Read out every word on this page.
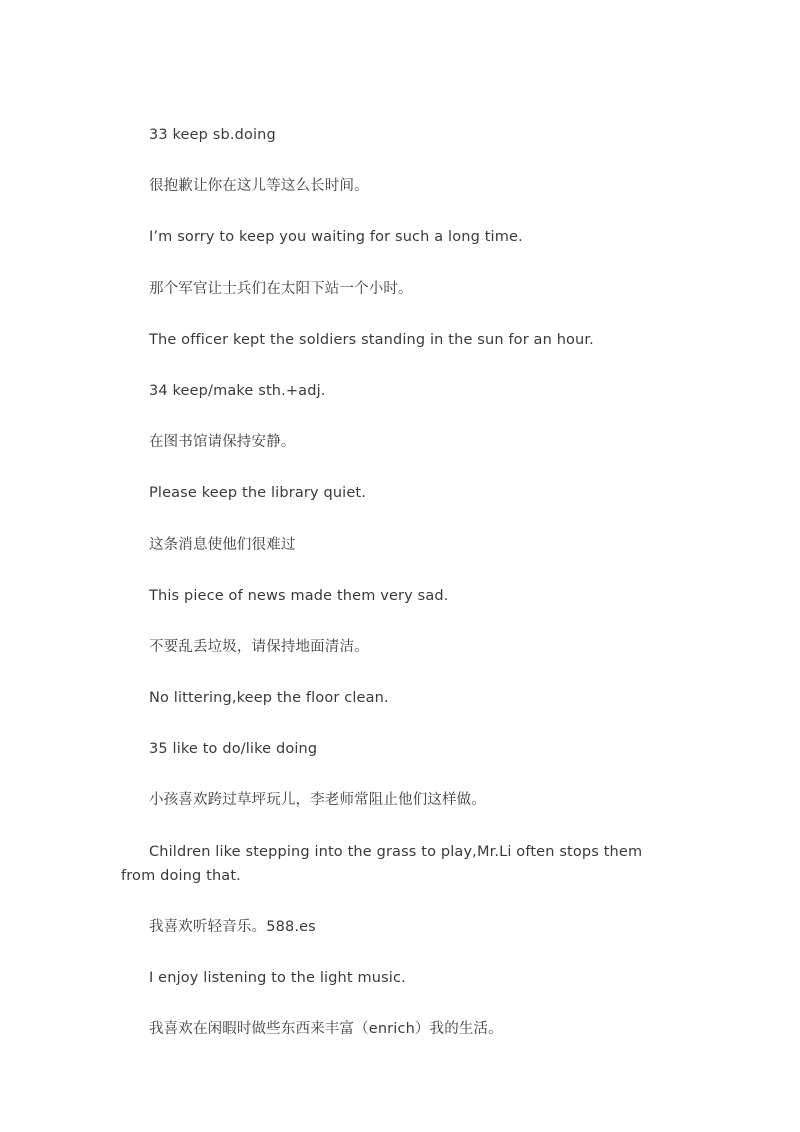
33 keep sb.doing

很抱歉让你在这儿等这么长时间。

I’m sorry to keep you waiting for such a long time.

那个军官让士兵们在太阳下站一个小时。

The officer kept the soldiers standing in the sun for an hour.

34 keep/make sth.+adj.

在图书馆请保持安静。

Please keep the library quiet.

这条消息使他们很难过

This piece of news made them very sad.

不要乱丢垃圾，请保持地面清洁。

No littering,keep the floor clean.

35 like to do/like doing

小孩喜欢跨过草坪玩儿，李老师常阻止他们这样做。

Children like stepping into the grass to play,Mr.Li often stops them from doing that.

我喜欢听轻音乐。588.es

I enjoy listening to the light music.

我喜欢在闲暇时做些东西来丰富（enrich）我的生活。
